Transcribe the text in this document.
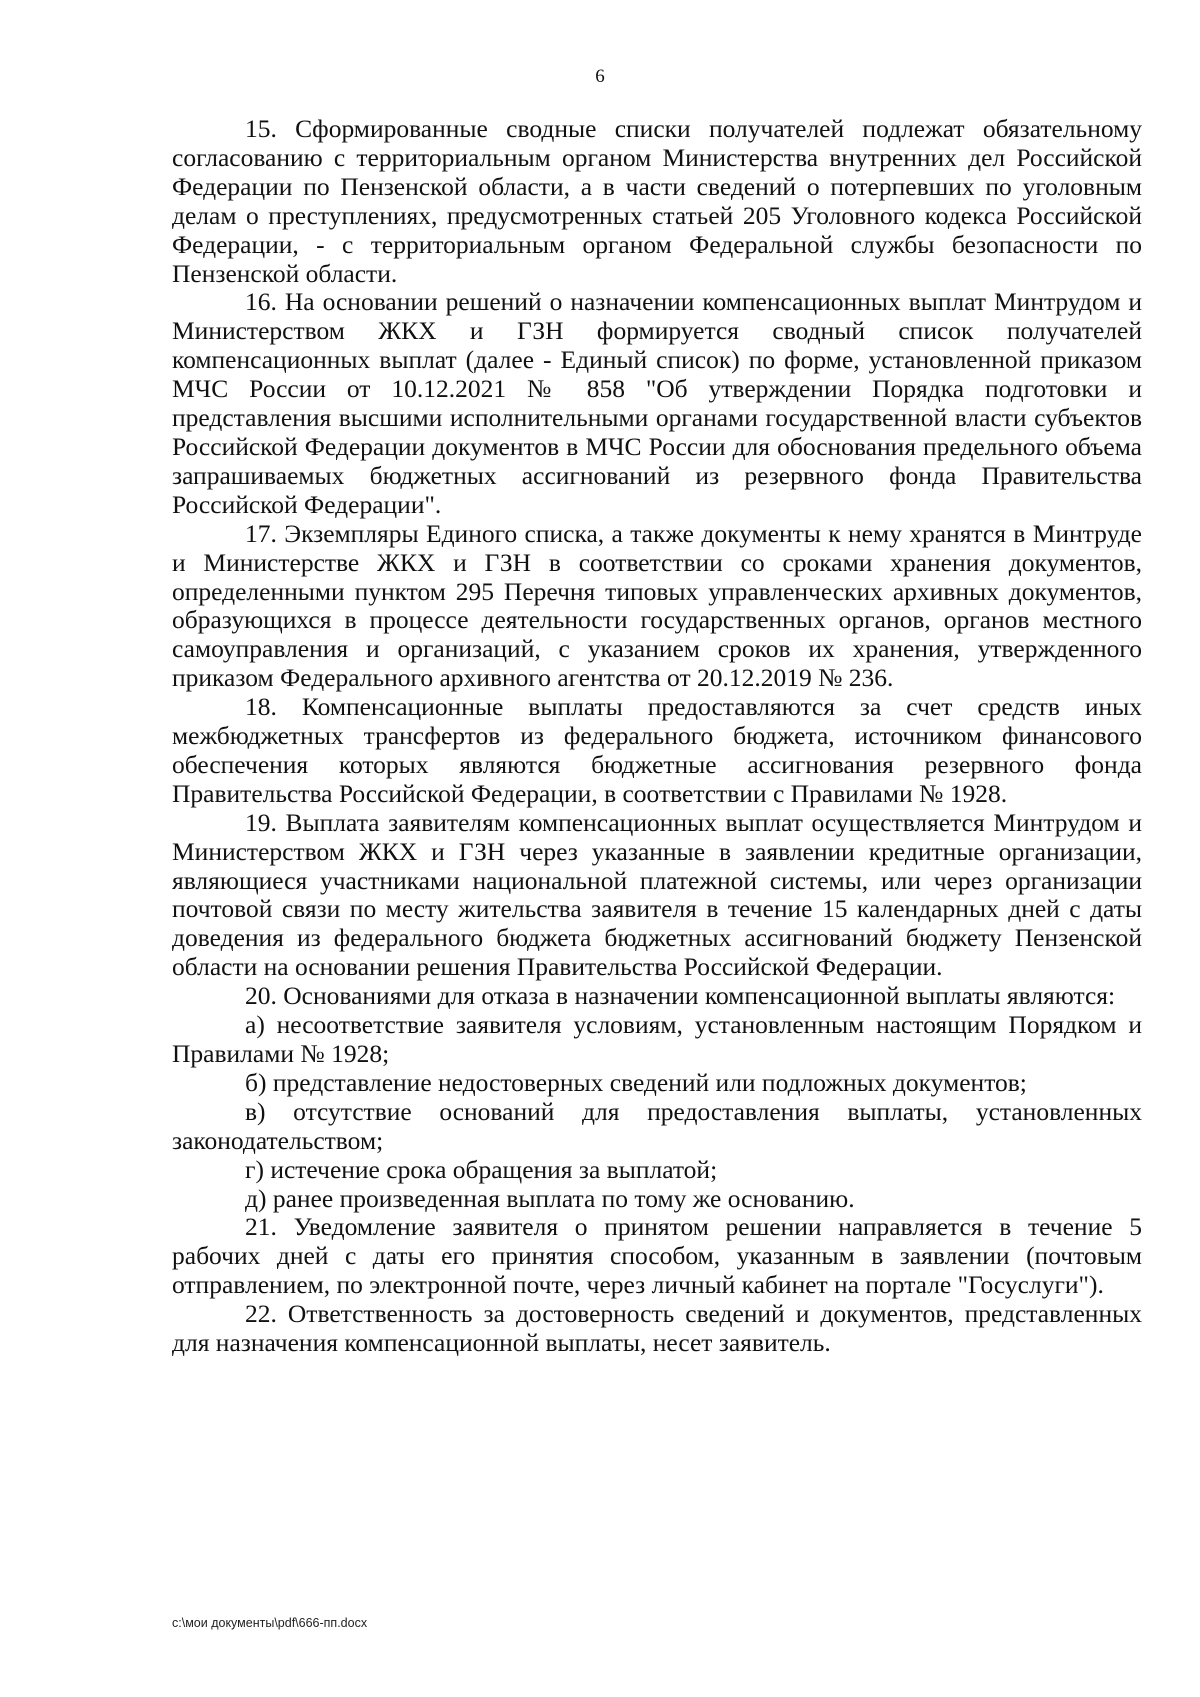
6

15. Сформированные сводные списки получателей подлежат обязательному согласованию с территориальным органом Министерства внутренних дел Российской Федерации по Пензенской области, а в части сведений о потерпевших по уголовным делам о преступлениях, предусмотренных статьей 205 Уголовного кодекса Российской Федерации, - с территориальным органом Федеральной службы безопасности по Пензенской области.

16. На основании решений о назначении компенсационных выплат Минтрудом и Министерством ЖКХ и ГЗН формируется сводный список получателей компенсационных выплат (далее - Единый список) по форме, установленной приказом МЧС России от 10.12.2021 № 858 "Об утверждении Порядка подготовки и представления высшими исполнительными органами государственной власти субъектов Российской Федерации документов в МЧС России для обоснования предельного объема запрашиваемых бюджетных ассигнований из резервного фонда Правительства Российской Федерации".

17. Экземпляры Единого списка, а также документы к нему хранятся в Минтруде и Министерстве ЖКХ и ГЗН в соответствии со сроками хранения документов, определенными пунктом 295 Перечня типовых управленческих архивных документов, образующихся в процессе деятельности государственных органов, органов местного самоуправления и организаций, с указанием сроков их хранения, утвержденного приказом Федерального архивного агентства от 20.12.2019 № 236.

18. Компенсационные выплаты предоставляются за счет средств иных межбюджетных трансфертов из федерального бюджета, источником финансового обеспечения которых являются бюджетные ассигнования резервного фонда Правительства Российской Федерации, в соответствии с Правилами № 1928.

19. Выплата заявителям компенсационных выплат осуществляется Минтрудом и Министерством ЖКХ и ГЗН через указанные в заявлении кредитные организации, являющиеся участниками национальной платежной системы, или через организации почтовой связи по месту жительства заявителя в течение 15 календарных дней с даты доведения из федерального бюджета бюджетных ассигнований бюджету Пензенской области на основании решения Правительства Российской Федерации.

20. Основаниями для отказа в назначении компенсационной выплаты являются:

а) несоответствие заявителя условиям, установленным настоящим Порядком и Правилами № 1928;

б) представление недостоверных сведений или подложных документов;

в) отсутствие оснований для предоставления выплаты, установленных законодательством;

г) истечение срока обращения за выплатой;

д) ранее произведенная выплата по тому же основанию.

21. Уведомление заявителя о принятом решении направляется в течение 5 рабочих дней с даты его принятия способом, указанным в заявлении (почтовым отправлением, по электронной почте, через личный кабинет на портале "Госуслуги").

22. Ответственность за достоверность сведений и документов, представленных для назначения компенсационной выплаты, несет заявитель.

c:\мои документы\pdf\666-пп.docx
